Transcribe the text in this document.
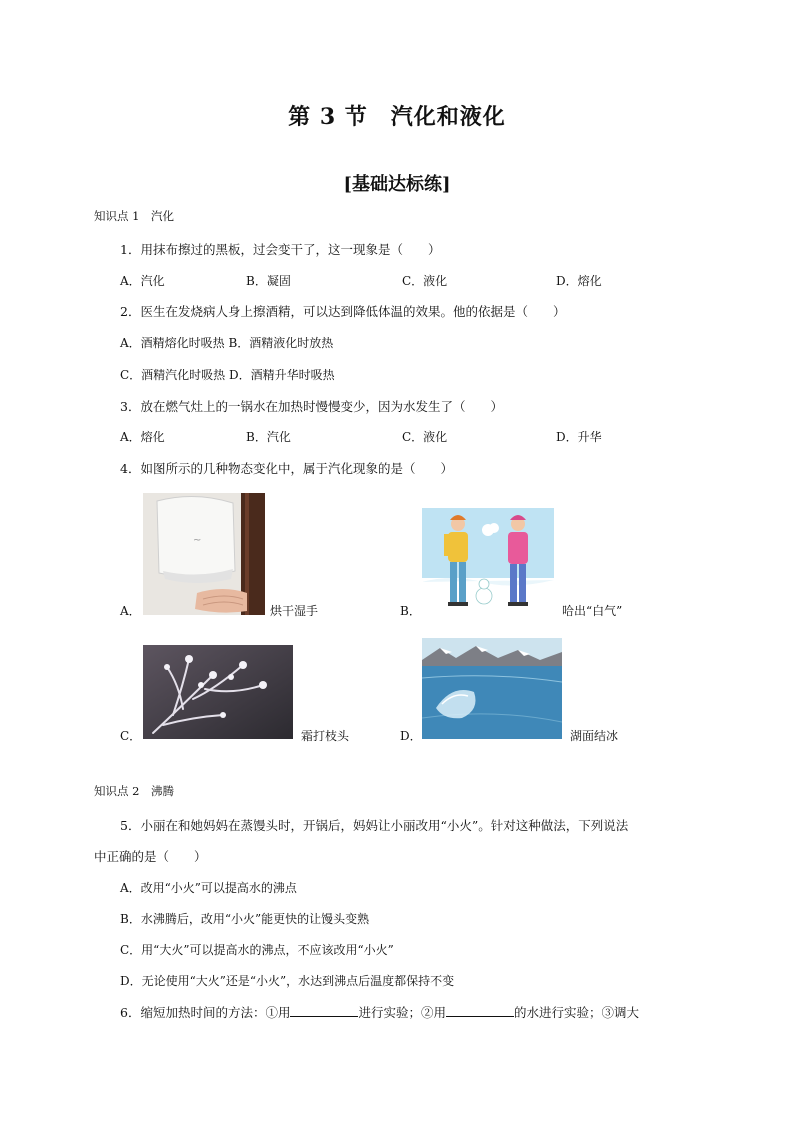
第 3 节　汽化和液化
[基础达标练]
知识点 1　汽化
1．用抹布擦过的黑板，过会变干了，这一现象是（　　）
A．汽化	B．凝固	C．液化	D．熔化
2．医生在发烧病人身上擦酒精，可以达到降低体温的效果。他的依据是（　　）
A．酒精熔化时吸热 B．酒精液化时放热
C．酒精汽化时吸热 D．酒精升华时吸热
3．放在燃气灶上的一锅水在加热时慢慢变少，因为水发生了（　　）
A．熔化	B．汽化	C．液化	D．升华
4．如图所示的几种物态变化中，属于汽化现象的是（　　）
A．
~
烘干湿手	B．	哈出“白气”
C．	霜打枝头	D．	湖面结冰
知识点 2　沸腾
5．小丽在和她妈妈在蒸馒头时，开锅后，妈妈让小丽改用“小火”。针对这种做法，下列说法
中正确的是（　　）
A．改用“小火”可以提高水的沸点
B．水沸腾后，改用“小火”能更快的让馒头变熟
C．用“大火”可以提高水的沸点，不应该改用“小火”
D．无论使用“大火”还是“小火”，水达到沸点后温度都保持不变
6．缩短加热时间的方法：①用	进行实验；②用	的水进行实验；③调大
